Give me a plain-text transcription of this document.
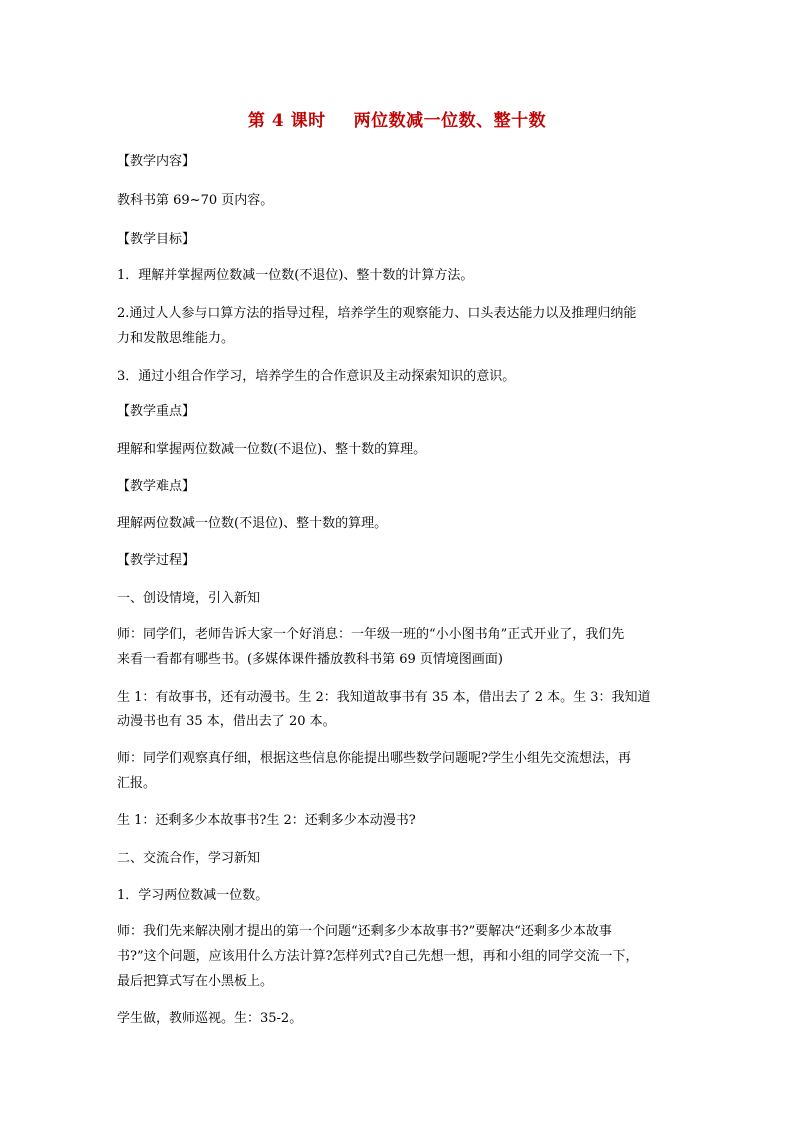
第 4 课时 两位数减一位数、整十数
【教学内容】
教科书第 69~70 页内容。
【教学目标】
1．理解并掌握两位数减一位数(不退位)、整十数的计算方法。
2.通过人人参与口算方法的指导过程，培养学生的观察能力、口头表达能力以及推理归纳能
力和发散思维能力。
3．通过小组合作学习，培养学生的合作意识及主动探索知识的意识。
【教学重点】
理解和掌握两位数减一位数(不退位)、整十数的算理。
【教学难点】
理解两位数减一位数(不退位)、整十数的算理。
【教学过程】
一、创设情境，引入新知
师：同学们，老师告诉大家一个好消息：一年级一班的“小小图书角”正式开业了，我们先
来看一看都有哪些书。(多媒体课件播放教科书第 69 页情境图画面)
生 1：有故事书，还有动漫书。生 2：我知道故事书有 35 本，借出去了 2 本。生 3：我知道
动漫书也有 35 本，借出去了 20 本。
师：同学们观察真仔细，根据这些信息你能提出哪些数学问题呢?学生小组先交流想法，再
汇报。
生 1：还剩多少本故事书?生 2：还剩多少本动漫书?
二、交流合作，学习新知
1．学习两位数减一位数。
师：我们先来解决刚才提出的第一个问题“还剩多少本故事书?”要解决“还剩多少本故事
书?”这个问题，应该用什么方法计算?怎样列式?自己先想一想，再和小组的同学交流一下，
最后把算式写在小黑板上。
学生做，教师巡视。生：35-2。
